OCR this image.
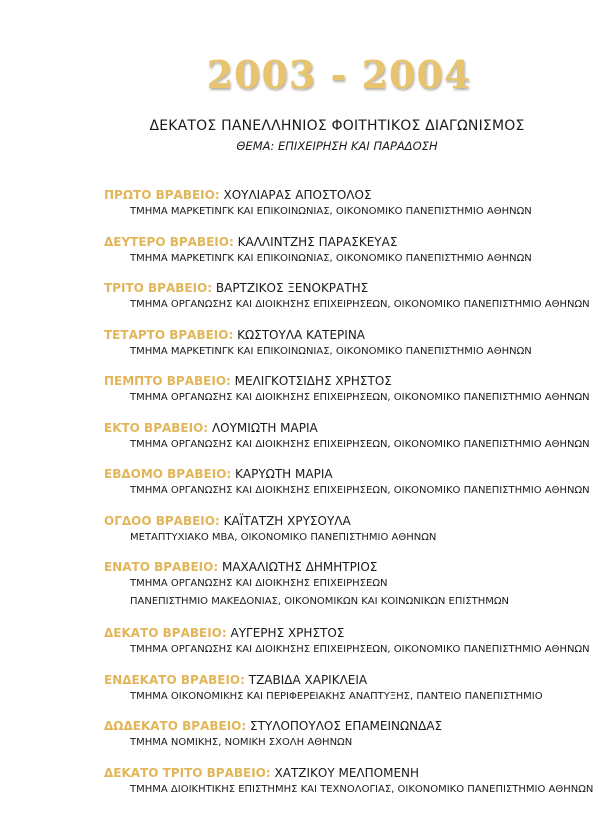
2003 - 2004
ΔΕΚΑΤΟΣ ΠΑΝΕΛΛΗΝΙΟΣ ΦΟΙΤΗΤΙΚΟΣ ΔΙΑΓΩΝΙΣΜΟΣ
ΘΕΜΑ: ΕΠΙΧΕΙΡΗΣΗ ΚΑΙ ΠΑΡΑΔΟΣΗ
ΠΡΩΤΟ ΒΡΑΒΕΙΟ: ΧΟΥΛΙΑΡΑΣ ΑΠΟΣΤΟΛΟΣ
ΤΜΗΜΑ ΜΑΡΚΕΤΙΝΓΚ ΚΑΙ ΕΠΙΚΟΙΝΩΝΙΑΣ, ΟΙΚΟΝΟΜΙΚΟ ΠΑΝΕΠΙΣΤΗΜΙΟ ΑΘΗΝΩΝ
ΔΕΥΤΕΡΟ ΒΡΑΒΕΙΟ: ΚΑΛΛΙΝΤΖΗΣ ΠΑΡΑΣΚΕΥΑΣ
ΤΜΗΜΑ ΜΑΡΚΕΤΙΝΓΚ ΚΑΙ ΕΠΙΚΟΙΝΩΝΙΑΣ, ΟΙΚΟΝΟΜΙΚΟ ΠΑΝΕΠΙΣΤΗΜΙΟ ΑΘΗΝΩΝ
ΤΡΙΤΟ ΒΡΑΒΕΙΟ: ΒΑΡΤΖΙΚΟΣ ΞΕΝΟΚΡΑΤΗΣ
ΤΜΗΜΑ ΟΡΓΑΝΩΣΗΣ ΚΑΙ ΔΙΟΙΚΗΣΗΣ ΕΠΙΧΕΙΡΗΣΕΩΝ, ΟΙΚΟΝΟΜΙΚΟ ΠΑΝΕΠΙΣΤΗΜΙΟ ΑΘΗΝΩΝ
ΤΕΤΑΡΤΟ ΒΡΑΒΕΙΟ: ΚΩΣΤΟΥΛΑ ΚΑΤΕΡΙΝΑ
ΤΜΗΜΑ ΜΑΡΚΕΤΙΝΓΚ ΚΑΙ ΕΠΙΚΟΙΝΩΝΙΑΣ, ΟΙΚΟΝΟΜΙΚΟ ΠΑΝΕΠΙΣΤΗΜΙΟ ΑΘΗΝΩΝ
ΠΕΜΠΤΟ ΒΡΑΒΕΙΟ: ΜΕΛΙΓΚΟΤΣΙΔΗΣ ΧΡΗΣΤΟΣ
ΤΜΗΜΑ ΟΡΓΑΝΩΣΗΣ ΚΑΙ ΔΙΟΙΚΗΣΗΣ ΕΠΙΧΕΙΡΗΣΕΩΝ, ΟΙΚΟΝΟΜΙΚΟ ΠΑΝΕΠΙΣΤΗΜΙΟ ΑΘΗΝΩΝ
ΕΚΤΟ ΒΡΑΒΕΙΟ: ΛΟΥΜΙΩΤΗ ΜΑΡΙΑ
ΤΜΗΜΑ ΟΡΓΑΝΩΣΗΣ ΚΑΙ ΔΙΟΙΚΗΣΗΣ ΕΠΙΧΕΙΡΗΣΕΩΝ, ΟΙΚΟΝΟΜΙΚΟ ΠΑΝΕΠΙΣΤΗΜΙΟ ΑΘΗΝΩΝ
ΕΒΔΟΜΟ ΒΡΑΒΕΙΟ: ΚΑΡΥΩΤΗ ΜΑΡΙΑ
ΤΜΗΜΑ ΟΡΓΑΝΩΣΗΣ ΚΑΙ ΔΙΟΙΚΗΣΗΣ ΕΠΙΧΕΙΡΗΣΕΩΝ, ΟΙΚΟΝΟΜΙΚΟ ΠΑΝΕΠΙΣΤΗΜΙΟ ΑΘΗΝΩΝ
ΟΓΔΟΟ ΒΡΑΒΕΙΟ: ΚΑΪΤΑΤΖΗ ΧΡΥΣΟΥΛΑ
ΜΕΤΑΠΤΥΧΙΑΚΟ MBA, ΟΙΚΟΝΟΜΙΚΟ ΠΑΝΕΠΙΣΤΗΜΙΟ ΑΘΗΝΩΝ
ΕΝΑΤΟ ΒΡΑΒΕΙΟ: ΜΑΧΑΛΙΩΤΗΣ ΔΗΜΗΤΡΙΟΣ
ΤΜΗΜΑ ΟΡΓΑΝΩΣΗΣ ΚΑΙ ΔΙΟΙΚΗΣΗΣ ΕΠΙΧΕΙΡΗΣΕΩΝ
ΠΑΝΕΠΙΣΤΗΜΙΟ ΜΑΚΕΔΟΝΙΑΣ, ΟΙΚΟΝΟΜΙΚΩΝ ΚΑΙ ΚΟΙΝΩΝΙΚΩΝ ΕΠΙΣΤΗΜΩΝ
ΔΕΚΑΤΟ ΒΡΑΒΕΙΟ: ΑΥΓΕΡΗΣ ΧΡΗΣΤΟΣ
ΤΜΗΜΑ ΟΡΓΑΝΩΣΗΣ ΚΑΙ ΔΙΟΙΚΗΣΗΣ ΕΠΙΧΕΙΡΗΣΕΩΝ, ΟΙΚΟΝΟΜΙΚΟ ΠΑΝΕΠΙΣΤΗΜΙΟ ΑΘΗΝΩΝ
ΕΝΔΕΚΑΤΟ ΒΡΑΒΕΙΟ: ΤΖΑΒΙΔΑ ΧΑΡΙΚΛΕΙΑ
ΤΜΗΜΑ ΟΙΚΟΝΟΜΙΚΗΣ ΚΑΙ ΠΕΡΙΦΕΡΕΙΑΚΗΣ ΑΝΑΠΤΥΞΗΣ, ΠΑΝΤΕΙΟ ΠΑΝΕΠΙΣΤΗΜΙΟ
ΔΩΔΕΚΑΤΟ ΒΡΑΒΕΙΟ: ΣΤΥΛΟΠΟΥΛΟΣ ΕΠΑΜΕΙΝΩΝΔΑΣ
ΤΜΗΜΑ ΝΟΜΙΚΗΣ, ΝΟΜΙΚΗ ΣΧΟΛΗ ΑΘΗΝΩΝ
ΔΕΚΑΤΟ ΤΡΙΤΟ ΒΡΑΒΕΙΟ: ΧΑΤΖΙΚΟΥ ΜΕΛΠΟΜΕΝΗ
ΤΜΗΜΑ ΔΙΟΙΚΗΤΙΚΗΣ ΕΠΙΣΤΗΜΗΣ ΚΑΙ ΤΕΧΝΟΛΟΓΙΑΣ, ΟΙΚΟΝΟΜΙΚΟ ΠΑΝΕΠΙΣΤΗΜΙΟ ΑΘΗΝΩΝ
